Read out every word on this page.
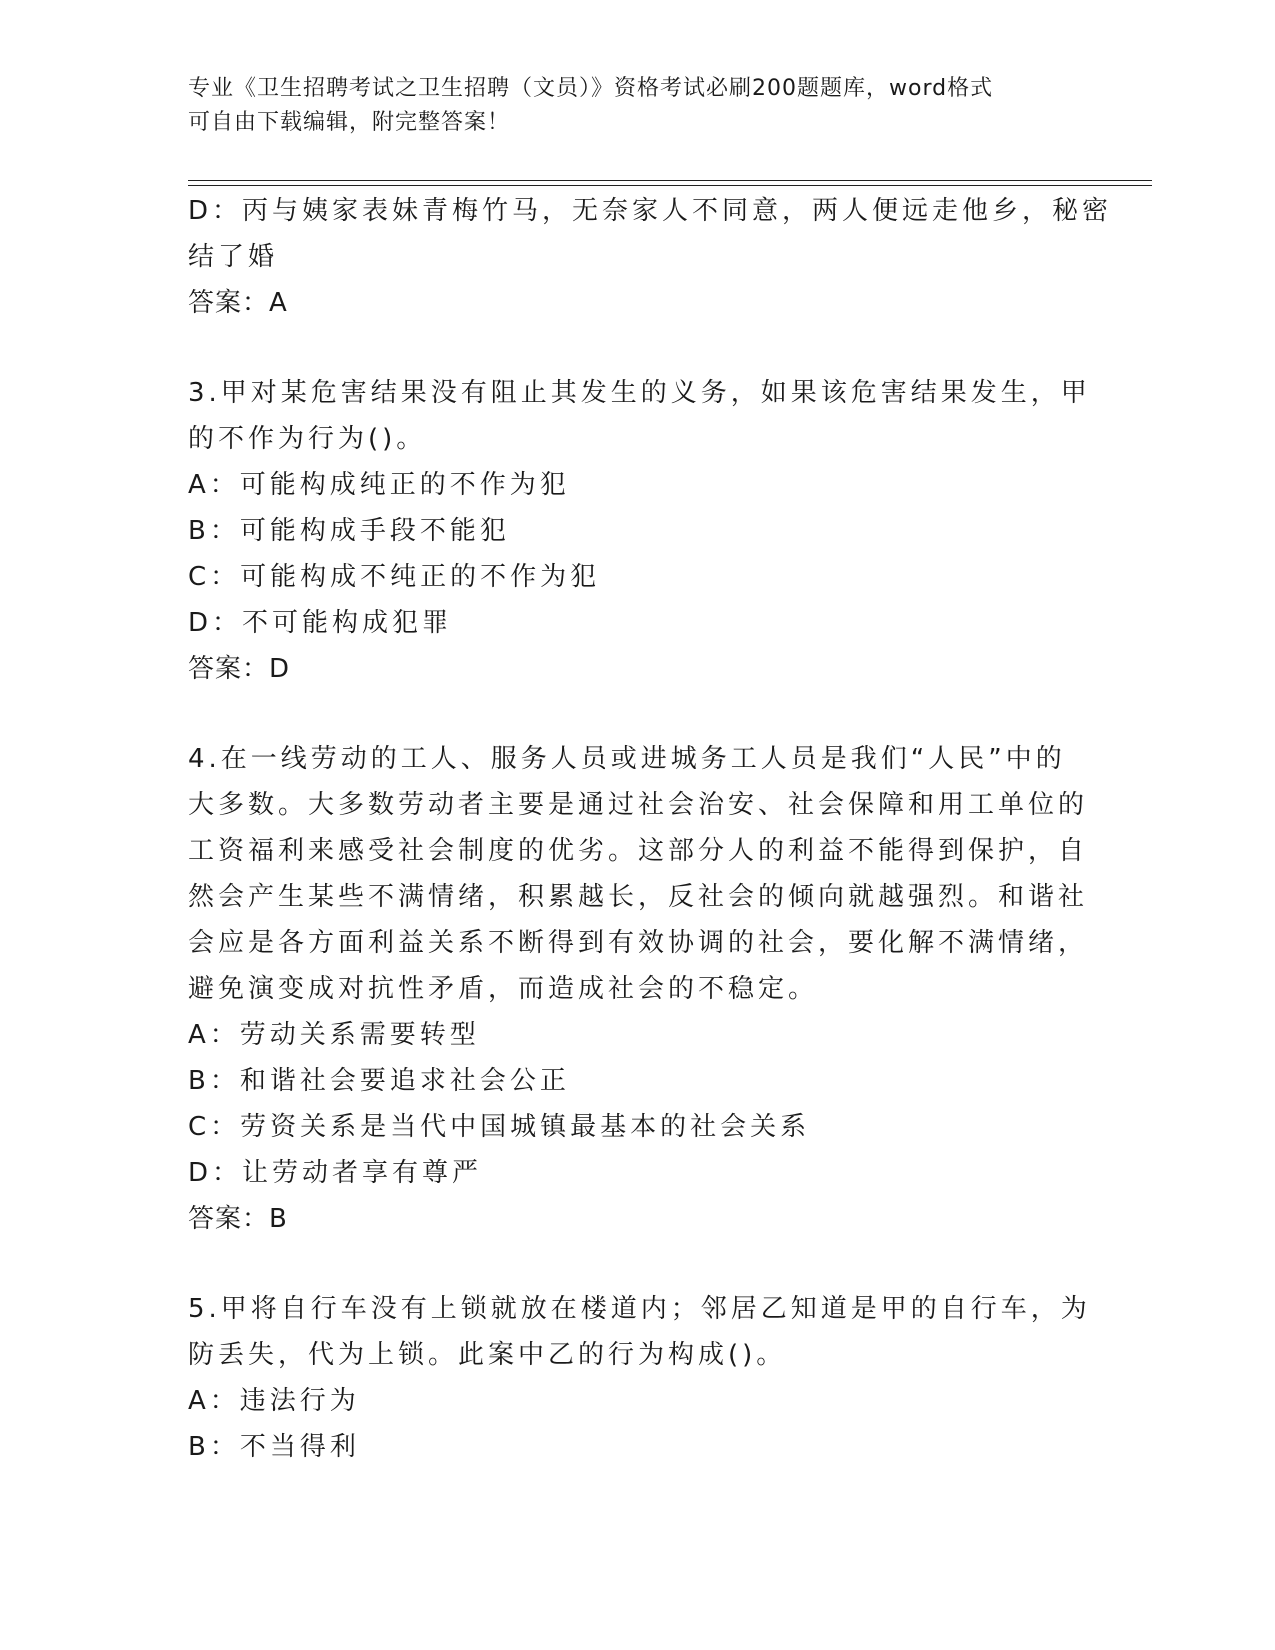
专业《卫生招聘考试之卫生招聘（文员）》资格考试必刷200题题库，word格式
可自由下载编辑，附完整答案！
D：丙与姨家表妹青梅竹马，无奈家人不同意，两人便远走他乡，秘密
结了婚
答案：A
3.甲对某危害结果没有阻止其发生的义务，如果该危害结果发生，甲
的不作为行为()。
A：可能构成纯正的不作为犯
B：可能构成手段不能犯
C：可能构成不纯正的不作为犯
D：不可能构成犯罪
答案：D
4.在一线劳动的工人、服务人员或进城务工人员是我们“人民”中的
大多数。大多数劳动者主要是通过社会治安、社会保障和用工单位的
工资福利来感受社会制度的优劣。这部分人的利益不能得到保护，自
然会产生某些不满情绪，积累越长，反社会的倾向就越强烈。和谐社
会应是各方面利益关系不断得到有效协调的社会，要化解不满情绪，
避免演变成对抗性矛盾，而造成社会的不稳定。
A：劳动关系需要转型
B：和谐社会要追求社会公正
C：劳资关系是当代中国城镇最基本的社会关系
D：让劳动者享有尊严
答案：B
5.甲将自行车没有上锁就放在楼道内；邻居乙知道是甲的自行车，为
防丢失，代为上锁。此案中乙的行为构成()。
A：违法行为
B：不当得利
